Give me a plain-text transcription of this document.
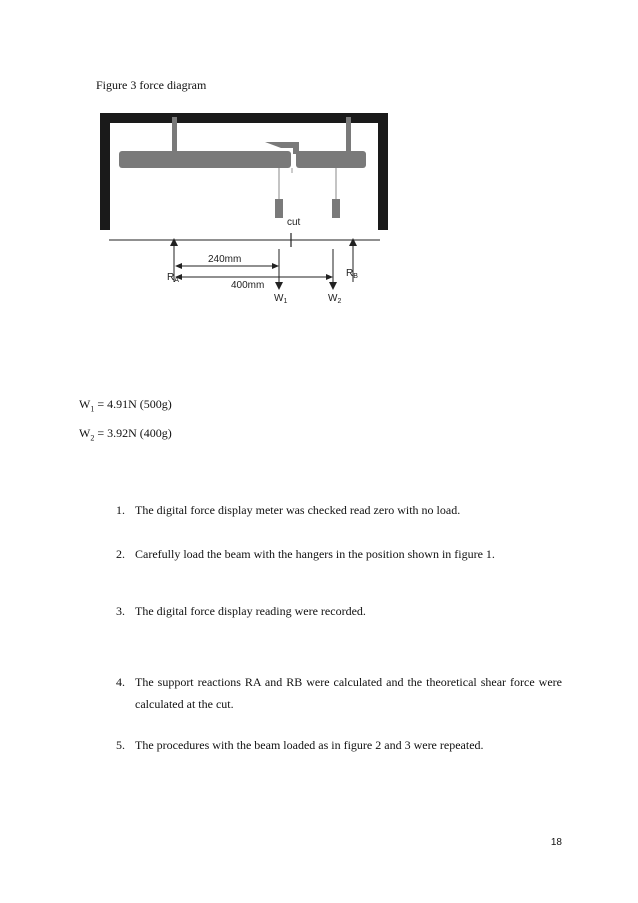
Figure 3 force diagram
cut
240mm
400mm
$R_A$
$R_B$
$W_1$	$W_2$
$W_1 = 4.91N$ (500g)
$W_2 = 3.92N$ (400g)
1. The digital force display meter was checked read zero with no load.
2. Carefully load the beam with the hangers in the position shown in figure 1.
3. The digital force display reading were recorded.
4. The support reactions RA and RB were calculated and the theoretical shear force were calculated at the cut.
5. The procedures with the beam loaded as in figure 2 and 3 were repeated.
18
